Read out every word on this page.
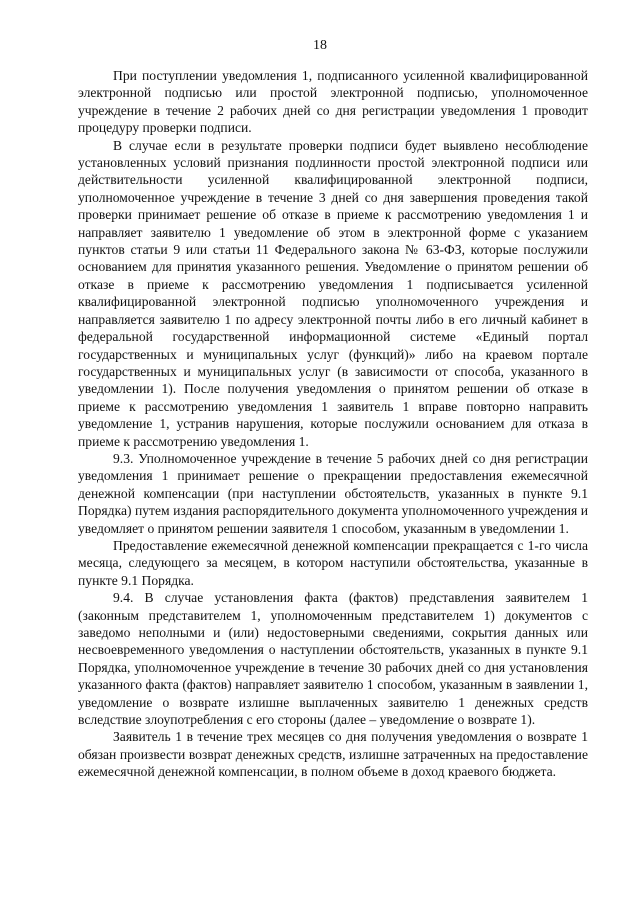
18

При поступлении уведомления 1, подписанного усиленной квалифицированной электронной подписью или простой электронной подписью, уполномоченное учреждение в течение 2 рабочих дней со дня регистрации уведомления 1 проводит процедуру проверки подписи.

В случае если в результате проверки подписи будет выявлено несоблюдение установленных условий признания подлинности простой электронной подписи или действительности усиленной квалифицированной электронной подписи, уполномоченное учреждение в течение 3 дней со дня завершения проведения такой проверки принимает решение об отказе в приеме к рассмотрению уведомления 1 и направляет заявителю 1 уведомление об этом в электронной форме с указанием пунктов статьи 9 или статьи 11 Федерального закона № 63-ФЗ, которые послужили основанием для принятия указанного решения. Уведомление о принятом решении об отказе в приеме к рассмотрению уведомления 1 подписывается усиленной квалифицированной электронной подписью уполномоченного учреждения и направляется заявителю 1 по адресу электронной почты либо в его личный кабинет в федеральной государственной информационной системе «Единый портал государственных и муниципальных услуг (функций)» либо на краевом портале государственных и муниципальных услуг (в зависимости от способа, указанного в уведомлении 1). После получения уведомления о принятом решении об отказе в приеме к рассмотрению уведомления 1 заявитель 1 вправе повторно направить уведомление 1, устранив нарушения, которые послужили основанием для отказа в приеме к рассмотрению уведомления 1.

9.3. Уполномоченное учреждение в течение 5 рабочих дней со дня регистрации уведомления 1 принимает решение о прекращении предоставления ежемесячной денежной компенсации (при наступлении обстоятельств, указанных в пункте 9.1 Порядка) путем издания распорядительного документа уполномоченного учреждения и уведомляет о принятом решении заявителя 1 способом, указанным в уведомлении 1.

Предоставление ежемесячной денежной компенсации прекращается с 1-го числа месяца, следующего за месяцем, в котором наступили обстоятельства, указанные в пункте 9.1 Порядка.

9.4. В случае установления факта (фактов) представления заявителем 1 (законным представителем 1, уполномоченным представителем 1) документов с заведомо неполными и (или) недостоверными сведениями, сокрытия данных или несвоевременного уведомления о наступлении обстоятельств, указанных в пункте 9.1 Порядка, уполномоченное учреждение в течение 30 рабочих дней со дня установления указанного факта (фактов) направляет заявителю 1 способом, указанным в заявлении 1, уведомление о возврате излишне выплаченных заявителю 1 денежных средств вследствие злоупотребления с его стороны (далее – уведомление о возврате 1).

Заявитель 1 в течение трех месяцев со дня получения уведомления о возврате 1 обязан произвести возврат денежных средств, излишне затраченных на предоставление ежемесячной денежной компенсации, в полном объеме в доход краевого бюджета.
